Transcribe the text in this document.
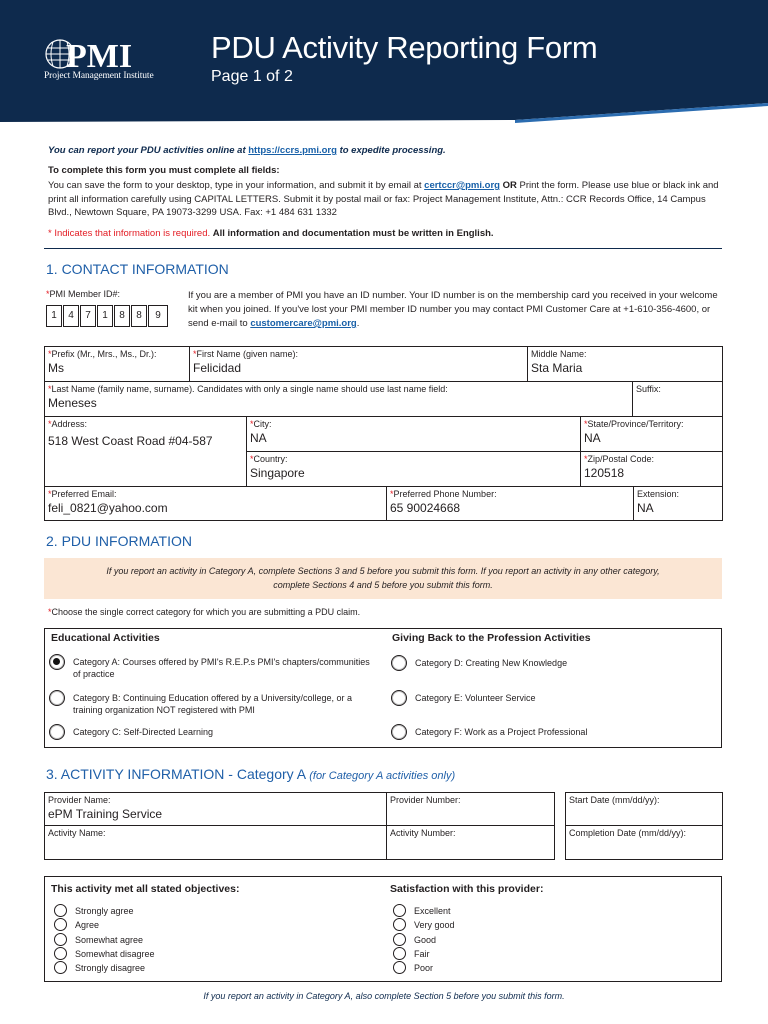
PMI
Project Management Institute
PDU Activity Reporting Form
Page 1 of 2
You can report your PDU activities online at https://ccrs.pmi.org to expedite processing.
To complete this form you must complete all fields:
You can save the form to your desktop, type in your information, and submit it by email at certccr@pmi.org OR Print the form. Please use blue or black ink and print all information carefully using CAPITAL LETTERS. Submit it by postal mail or fax: Project Management Institute, Attn.: CCR Records Office, 14 Campus Blvd., Newtown Square, PA 19073-3299 USA. Fax: +1 484 631 1332
* Indicates that information is required. All information and documentation must be written in English.
1. CONTACT INFORMATION
*PMI Member ID#:
1	4	7	1	8	8	9
If you are a member of PMI you have an ID number. Your ID number is on the membership card you received in your welcome kit when you joined. If you've lost your PMI member ID number you may contact PMI Customer Care at +1-610-356-4600, or send e-mail to customercare@pmi.org.
*Prefix (Mr., Mrs., Ms., Dr.):
Ms
*First Name (given name):
Felicidad
Middle Name:
Sta Maria
*Last Name (family name, surname). Candidates with only a single name should use last name field:
Meneses
Suffix:
*Address:
518 West Coast Road #04-587
*City:
NA
*State/Province/Territory:
NA
*Country:
Singapore
*Zip/Postal Code:
120518
*Preferred Email:
feli_0821@yahoo.com
*Preferred Phone Number:
65 90024668
Extension:
NA
2. PDU INFORMATION
If you report an activity in Category A, complete Sections 3 and 5 before you submit this form. If you report an activity in any other category,
complete Sections 4 and 5 before you submit this form.
*Choose the single correct category for which you are submitting a PDU claim.
Educational Activities	Giving Back to the Profession Activities
Category A: Courses offered by PMI's R.E.P.s PMI's chapters/communities of practice
Category B: Continuing Education offered by a University/college, or a training organization NOT registered with PMI
Category C: Self-Directed Learning
Category D: Creating New Knowledge
Category E: Volunteer Service
Category F: Work as a Project Professional
3. ACTIVITY INFORMATION - Category A (for Category A activities only)
Provider Name:
ePM Training Service
Provider Number:
Activity Name:	Activity Number:
Start Date (mm/dd/yy):
Completion Date (mm/dd/yy):
This activity met all stated objectives:	Satisfaction with this provider:
Strongly agree
Agree
Somewhat agree
Somewhat disagree
Strongly disagree
Excellent
Very good
Good
Fair
Poor
If you report an activity in Category A, also complete Section 5 before you submit this form.
